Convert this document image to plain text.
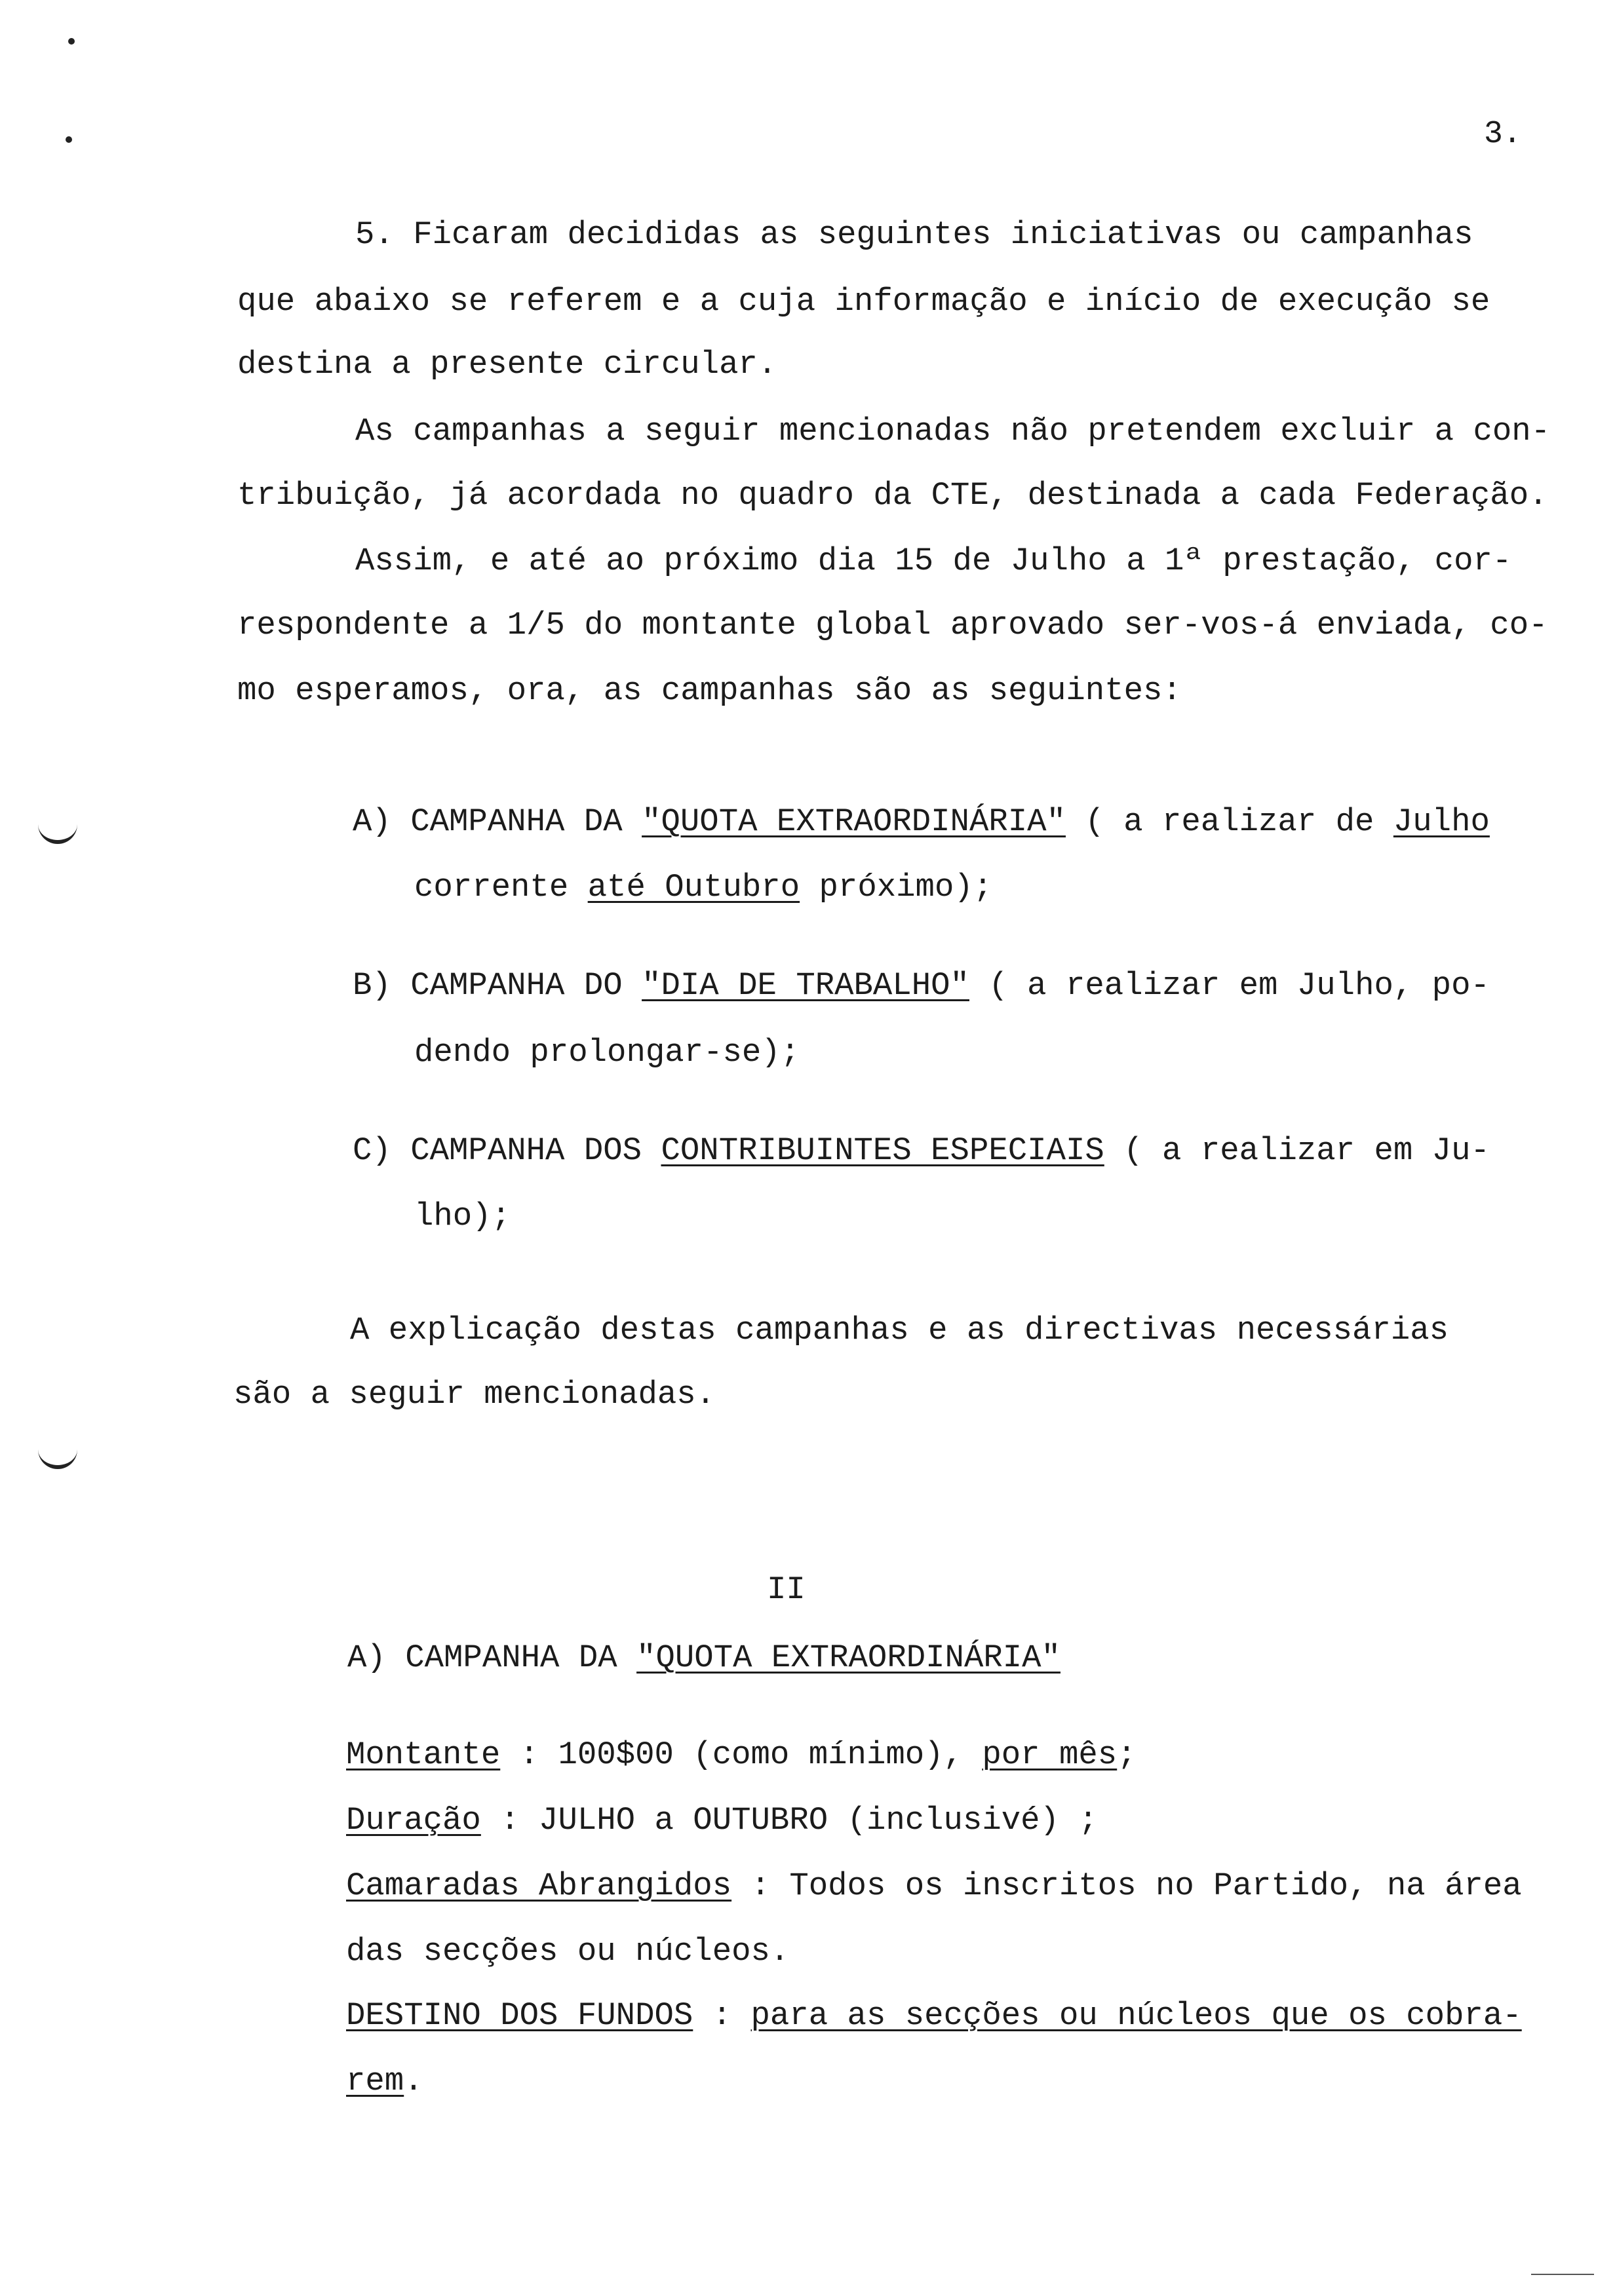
3.
5. Ficaram decididas as seguintes iniciativas ou campanhas
que abaixo se referem e a cuja informação e início de execução se
destina a presente circular.
As campanhas a seguir mencionadas não pretendem excluir a con-
tribuição, já acordada no quadro da CTE, destinada a cada Federação.
Assim, e até ao próximo dia 15 de Julho a 1ª prestação, cor-
respondente a 1/5 do montante global aprovado ser-vos-á enviada, co-
mo esperamos, ora, as campanhas são as seguintes:
A) CAMPANHA DA "QUOTA EXTRAORDINÁRIA" ( a realizar de Julho
corrente até Outubro próximo);
B) CAMPANHA DO "DIA DE TRABALHO" ( a realizar em Julho, po-
dendo prolongar-se);
C) CAMPANHA DOS CONTRIBUINTES ESPECIAIS ( a realizar em Ju-
lho);
A explicação destas campanhas e as directivas necessárias
são a seguir mencionadas.
II
A) CAMPANHA DA "QUOTA EXTRAORDINÁRIA"
Montante : 100$00 (como mínimo), por mês;
Duração : JULHO a OUTUBRO (inclusivé) ;
Camaradas Abrangidos : Todos os inscritos no Partido, na área
das secções ou núcleos.
DESTINO DOS FUNDOS : para as secções ou núcleos que os cobra-
rem.
